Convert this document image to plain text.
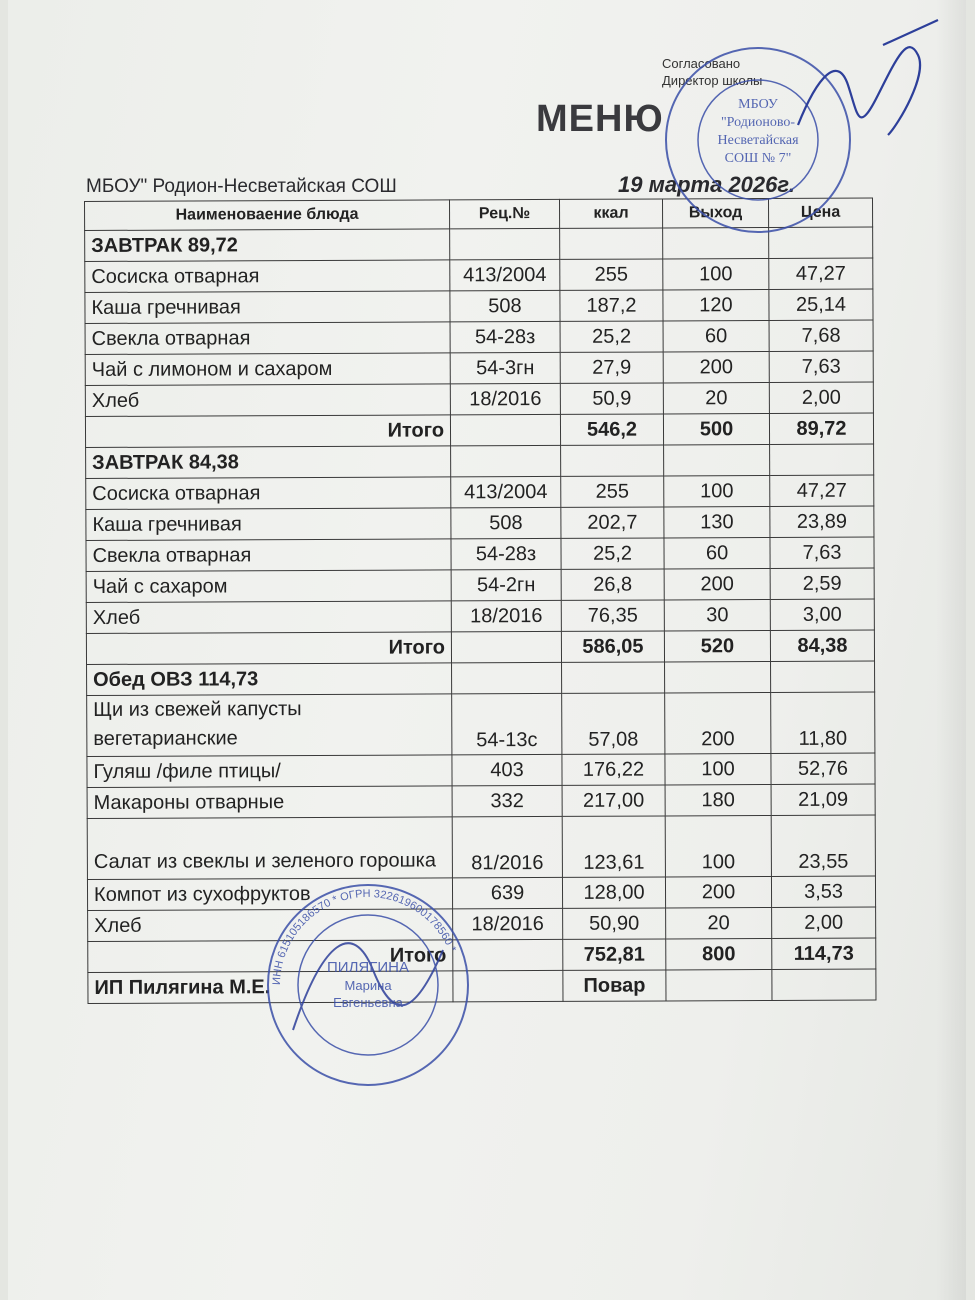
Согласовано
Директор школы
МЕНЮ
МБОУ" Родион-Несветайская СОШ	19 марта 2026г.
Наименоваение блюда	Рец.№	ккал	Выход	Цена
ЗАВТРАК 89,72				
Сосиска отварная	413/2004	255	100	47,27
Каша гречнивая	508	187,2	120	25,14
Свекла отварная	54-28з	25,2	60	7,68
Чай с лимоном и сахаром	54-3гн	27,9	200	7,63
Хлеб	18/2016	50,9	20	2,00
Итого		546,2	500	89,72
ЗАВТРАК 84,38				
Сосиска отварная	413/2004	255	100	47,27
Каша гречнивая	508	202,7	130	23,89
Свекла отварная	54-28з	25,2	60	7,63
Чай с сахаром	54-2гн	26,8	200	2,59
Хлеб	18/2016	76,35	30	3,00
Итого		586,05	520	84,38
Обед ОВЗ 114,73				
Щи из свежей капусты вегетарианские	54-13с	57,08	200	11,80
Гуляш /филе птицы/	403	176,22	100	52,76
Макароны отварные	332	217,00	180	21,09
Салат из свеклы и зеленого горошка	81/2016	123,61	100	23,55
Компот из сухофруктов	639	128,00	200	3,53
Хлеб	18/2016	50,90	20	2,00
Итого		752,81	800	114,73
ИП Пилягина М.Е.		Повар		
МБОУ
"Родионово-
Несветайская
СОШ № 7"
ИНН 615105186570 * ОГРН 322619600178560 *
ПИЛЯГИНА
Марина
Евгеньевна
